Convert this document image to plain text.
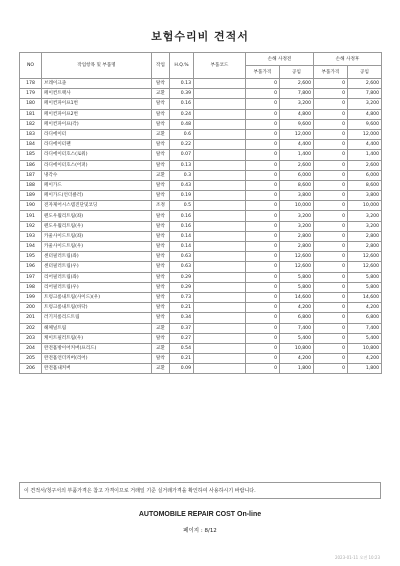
보험수리비 견적서
NO	작업항목 및 부품명	작업	H.Q.%	부품코드	손해 사정전		손해 사정후	
					부품가격	공임	부품가격	공임
178	브레이크졸	탈착	0.13		0	2,600	0	2,600
179	페이컨트랙사	교환	0.39		0	7,800	0	7,800
180	페이컨파이프1번	탈착	0.16		0	3,200	0	3,200
181	페이컨파이프2번	탈착	0.24		0	4,800	0	4,800
182	페이컨파이프(각)	탈착	0.48		0	9,600	0	9,600
183	라디에이터	교환	0.6		0	12,000	0	12,000
184	라디에이터팬	탈착	0.22		0	4,400	0	4,400
185	라디에이터호스(로워)	탈착	0.07		0	1,400	0	1,400
186	라디에이터호스(어퍼)	탈착	0.13		0	2,600	0	2,600
187	냉각수	교환	0.3		0	6,000	0	6,000
188	페이가드	탈착	0.43		0	8,600	0	8,600
189	페이가드(언더클러)	탈착	0.19		0	3,800	0	3,800
190	전자제어시스템진단및코딩	조정	0.5		0	10,000	0	10,000
191	펜도우월리트림(좌)	탈착	0.16		0	3,200	0	3,200
192	펜도우월리트림(우)	탈착	0.16		0	3,200	0	3,200
193	카울사이드트림(좌)	탈착	0.14		0	2,800	0	2,800
194	카울사이드트림(우)	탈착	0.14		0	2,800	0	2,800
195	센터필러트림(좌)	탈착	0.63		0	12,600	0	12,600
196	센터필러트림(우)	탈착	0.63		0	12,600	0	12,600
197	리어필러트림(좌)	탈착	0.29		0	5,800	0	5,800
198	리어필러트림(우)	탈착	0.29		0	5,800	0	5,800
199	트렁크룸내트림(사이드)(우)	탈착	0.73		0	14,600	0	14,600
200	트렁크룸내트림(바닥)	탈착	0.21		0	4,200	0	4,200
201	러기지룸리드트림	탈착	0.34		0	6,800	0	6,800
202	헤체널트림	교환	0.37		0	7,400	0	7,400
203	케이트필러트림(우)	탈착	0.27		0	5,400	0	5,400
204	완전흡방이어커버(프리드)	교환	0.54		0	10,800	0	10,800
205	완전흡언더커버(리어)	탈착	0.21		0	4,200	0	4,200
206	완전흡내커버	교환	0.09		0	1,800	0	1,800
이 견적서/청구서의 부품가격은 참고 가격이므로 거래일 기준 실거래가격을 확인하여 사용하시기 바랍니다.
AUTOMOBILE REPAIR COST On-line
페이지 : 8/12
2023-01-11 오전 10:23
